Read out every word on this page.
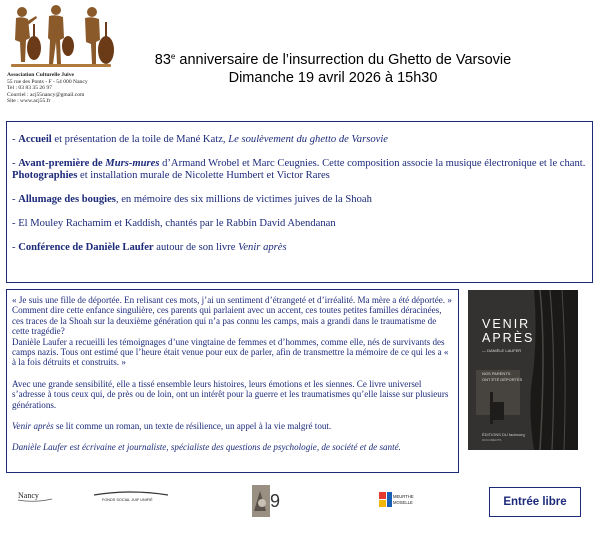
Association Culturelle Juive
55 rue des Ponts - F - 54 000 Nancy
Tel : 03 83 35 26 97
Courriel : acj55nancy@gmail.com
Site : www.acj55.fr
83e anniversaire de l’insurrection du Ghetto de Varsovie
Dimanche 19 avril 2026 à 15h30

- Accueil et présentation de la toile de Mané Katz, Le soulèvement du ghetto de Varsovie

- Avant-première de Murs-mures d’Armand Wrobel et Marc Ceugnies. Cette composition associe la musique électronique et le chant. Photographies et installation murale de Nicolette Humbert et Victor Rares

- Allumage des bougies, en mémoire des six millions de victimes juives de la Shoah

- El Mouley Rachamim et Kaddish, chantés par le Rabbin David Abendanan

- Conférence de Danièle Laufer autour de son livre Venir après

« Je suis une fille de déportée. En relisant ces mots, j’ai un sentiment d’étrangeté et d’irréalité. Ma mère a été déportée. »
Comment dire cette enfance singulière, ces parents qui parlaient avec un accent, ces toutes petites familles déracinées, ces traces de la Shoah sur la deuxième génération qui n’a pas connu les camps, mais a grandi dans le traumatisme de cette tragédie?
Danièle Laufer a recueilli les témoignages d’une vingtaine de femmes et d’hommes, comme elle, nés de survivants des camps nazis. Tous ont estimé que l’heure était venue pour eux de parler, afin de transmettre la mémoire de ce qui les a « à la fois détruits et construits. »
Avec une grande sensibilité, elle a tissé ensemble leurs histoires, leurs émotions et les siennes. Ce livre universel s’adresse à tous ceux qui, de près ou de loin, ont un intérêt pour la guerre et les traumatismes qu’elle laisse sur plusieurs générations.
Venir après se lit comme un roman, un texte de résilience, un appel à la vie malgré tout.
Danièle Laufer est écrivaine et journaliste, spécialiste des questions de psychologie, de société et de santé.
VENIR
APRÈS
— DANIÈLE LAUFER
NOS PARENTS
ONT ÉTÉ DÉPORTÉS
ÉDITIONS DU faubourg
DOCUMENTS
Nancy	FONDS SOCIAL JUIF UNIFIÉ	9	MEURTHE
MOSELLE	Entrée libre
